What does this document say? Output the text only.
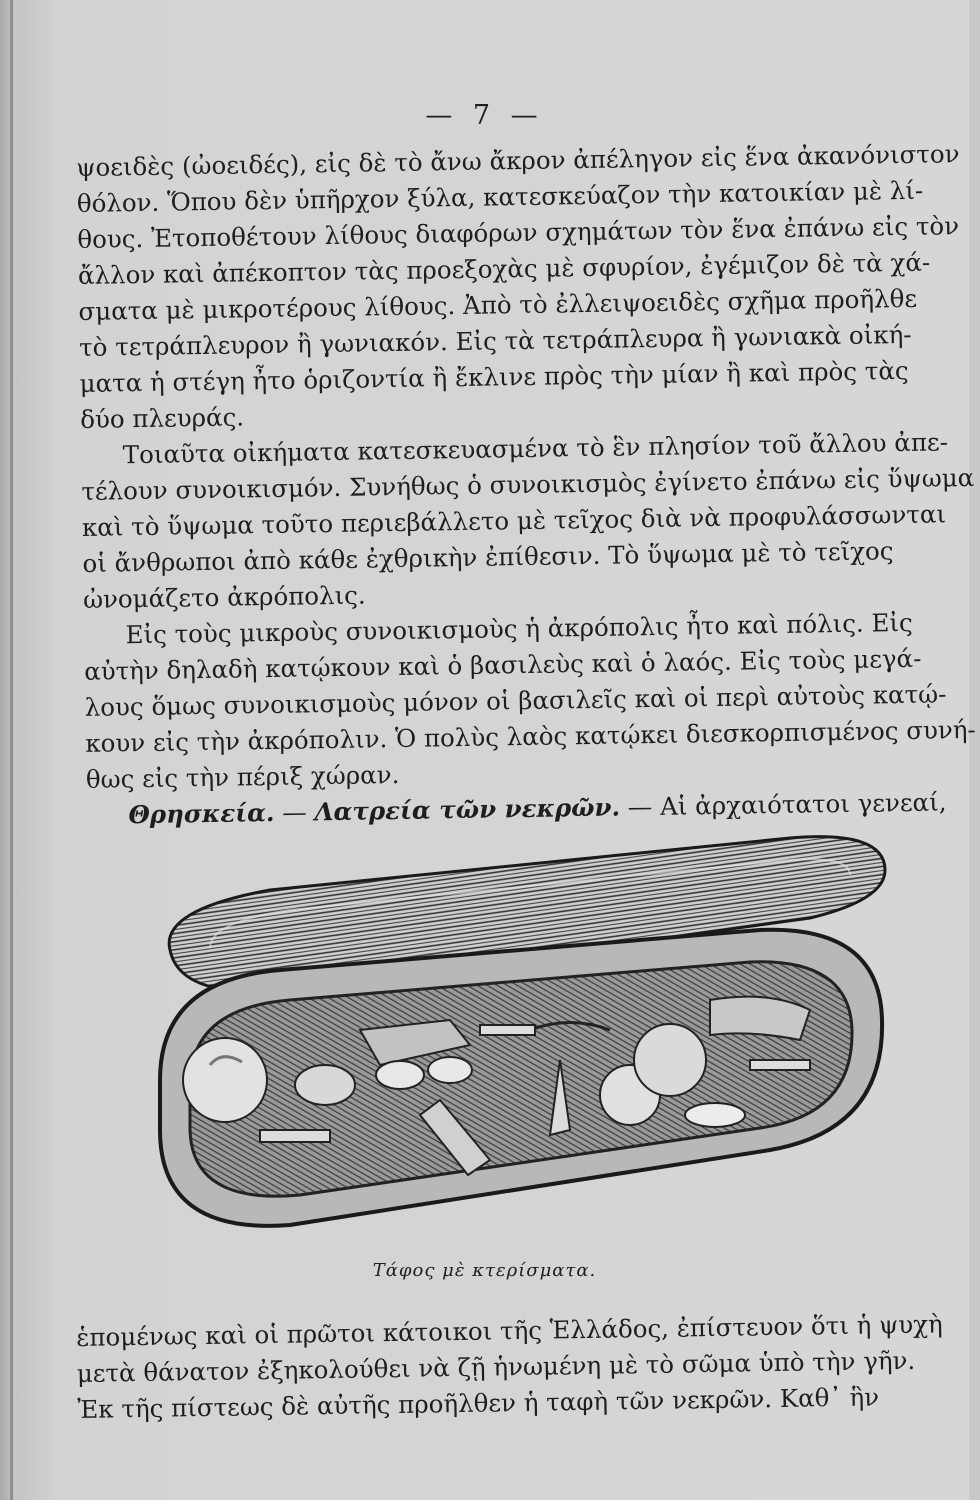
— 7 —
ψοειδὲς (ὠοειδές), εἰς δὲ τὸ ἄνω ἄκρον ἀπέληγον εἰς ἕνα ἀκανόνιστον
θόλον. Ὅπου δὲν ὑπῆρχον ξύλα, κατεσκεύαζον τὴν κατοικίαν μὲ λί-
θους. Ἐτοποθέτουν λίθους διαφόρων σχημάτων τὸν ἕνα ἐπάνω εἰς τὸν
ἄλλον καὶ ἀπέκοπτον τὰς προεξοχὰς μὲ σφυρίον, ἐγέμιζον δὲ τὰ χά-
σματα μὲ μικροτέρους λίθους. Ἀπὸ τὸ ἐλλειψοειδὲς σχῆμα προῆλθε
τὸ τετράπλευρον ἢ γωνιακόν. Εἰς τὰ τετράπλευρα ἢ γωνιακὰ οἰκή-
ματα ἡ στέγη ἦτο ὁριζοντία ἢ ἔκλινε πρὸς τὴν μίαν ἢ καὶ πρὸς τὰς
δύο πλευράς.
Τοιαῦτα οἰκήματα κατεσκευασμένα τὸ ἓν πλησίον τοῦ ἄλλου ἀπε-
τέλουν συνοικισμόν. Συνήθως ὁ συνοικισμὸς ἐγίνετο ἐπάνω εἰς ὕψωμα
καὶ τὸ ὕψωμα τοῦτο περιεβάλλετο μὲ τεῖχος διὰ νὰ προφυλάσσωνται
οἱ ἄνθρωποι ἀπὸ κάθε ἐχθρικὴν ἐπίθεσιν. Τὸ ὕψωμα μὲ τὸ τεῖχος
ὠνομάζετο ἀκρόπολις.
Εἰς τοὺς μικροὺς συνοικισμοὺς ἡ ἀκρόπολις ἦτο καὶ πόλις. Εἰς
αὐτὴν δηλαδὴ κατῴκουν καὶ ὁ βασιλεὺς καὶ ὁ λαός. Εἰς τοὺς μεγά-
λους ὅμως συνοικισμοὺς μόνον οἱ βασιλεῖς καὶ οἱ περὶ αὐτοὺς κατῴ-
κουν εἰς τὴν ἀκρόπολιν. Ὁ πολὺς λαὸς κατῴκει διεσκορπισμένος συνή-
θως εἰς τὴν πέριξ χώραν.
Θρησκεία. — Λατρεία τῶν νεκρῶν. — Αἱ ἀρχαιότατοι γενεαί,
Τάφος μὲ κτερίσματα.
ἑπομένως καὶ οἱ πρῶτοι κάτοικοι τῆς Ἑλλάδος, ἐπίστευον ὅτι ἡ ψυχὴ
μετὰ θάνατον ἐξηκολούθει νὰ ζῇ ἡνωμένη μὲ τὸ σῶμα ὑπὸ τὴν γῆν.
Ἐκ τῆς πίστεως δὲ αὐτῆς προῆλθεν ἡ ταφὴ τῶν νεκρῶν. Καθ᾿ ἣν
